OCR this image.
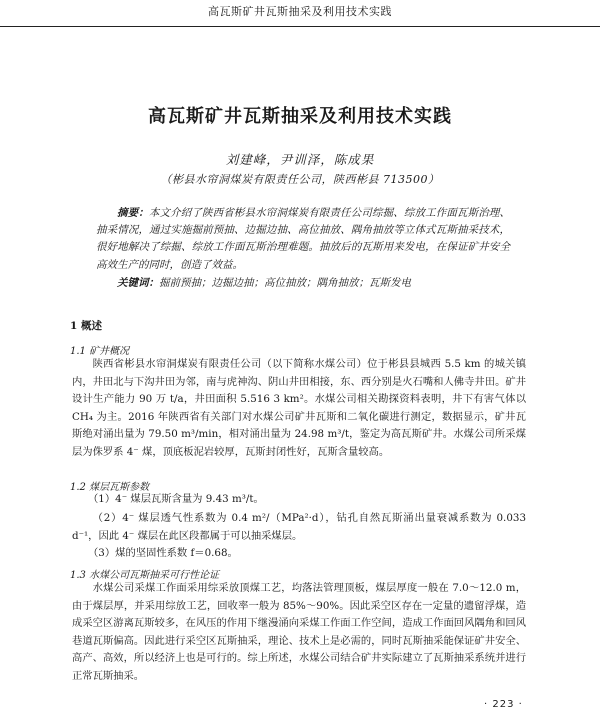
高瓦斯矿井瓦斯抽采及利用技术实践
高瓦斯矿井瓦斯抽采及利用技术实践
刘建峰，尹训泽，陈成果
（彬县水帘洞煤炭有限责任公司，陕西彬县 713500）
摘要：本文介绍了陕西省彬县水帘洞煤炭有限责任公司综掘、综放工作面瓦斯治理、抽采情况，通过实施掘前预抽、边掘边抽、高位抽放、隅角抽放等立体式瓦斯抽采技术，很好地解决了综掘、综放工作面瓦斯治理难题。抽放后的瓦斯用来发电，在保证矿井安全高效生产的同时，创造了效益。
关键词：掘前预抽；边掘边抽；高位抽放；隅角抽放；瓦斯发电
1 概述
1.1 矿井概况
陕西省彬县水帘洞煤炭有限责任公司（以下简称水煤公司）位于彬县县城西 5.5 km 的城关镇内，井田北与下沟井田为邻，南与虎神沟、阴山井田相接，东、西分别是火石嘴和人佛寺井田。矿井设计生产能力 90 万 t/a，井田面积 5.516 3 km²。水煤公司相关勘探资料表明，井下有害气体以 CH₄ 为主。2016 年陕西省有关部门对水煤公司矿井瓦斯和二氧化碳进行测定，数据显示，矿井瓦斯绝对涌出量为 79.50 m³/min，相对涌出量为 24.98 m³/t，鉴定为高瓦斯矿井。水煤公司所采煤层为侏罗系 4⁻ 煤，顶底板泥岩较厚，瓦斯封闭性好，瓦斯含量较高。
1.2 煤层瓦斯参数
（1）4⁻ 煤层瓦斯含量为 9.43 m³/t。
（2）4⁻ 煤层透气性系数为 0.4 m²/（MPa²·d），钻孔自然瓦斯涌出量衰减系数为 0.033 d⁻¹，因此 4⁻ 煤层在此区段都属于可以抽采煤层。
（3）煤的坚固性系数 f＝0.68。
1.3 水煤公司瓦斯抽采可行性论证
水煤公司采煤工作面采用综采放顶煤工艺，均落法管理顶板，煤层厚度一般在 7.0～12.0 m，由于煤层厚，并采用综放工艺，回收率一般为 85%～90%。因此采空区存在一定量的遗留浮煤，造成采空区游离瓦斯较多，在风压的作用下继漫涌向采煤工作面工作空间，造成工作面回风隅角和回风巷道瓦斯偏高。因此进行采空区瓦斯抽采，理论、技术上是必需的，同时瓦斯抽采能保证矿井安全、高产、高效，所以经济上也是可行的。综上所述，水煤公司结合矿井实际建立了瓦斯抽采系统并进行正常瓦斯抽采。
· 223 ·
